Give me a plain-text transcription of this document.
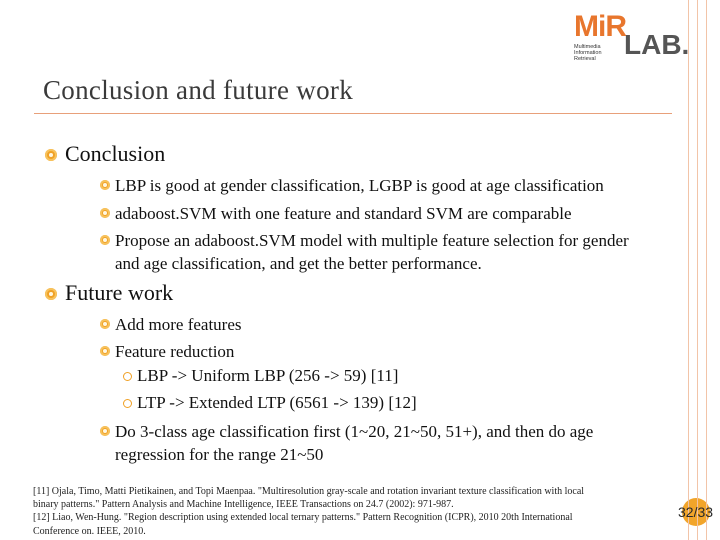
MiR
LAB.
Multimedia
Information
Retrieval
Conclusion and future work
Conclusion
LBP is good at gender classification, LGBP is good at age classification
adaboost.SVM with one feature and standard SVM are comparable
Propose an adaboost.SVM model with multiple feature selection for gender
and age classification, and get the better performance.
Future work
Add more features
Feature reduction
LBP -> Uniform LBP (256 -> 59) [11]
LTP -> Extended LTP (6561 -> 139) [12]
Do 3-class age classification first (1~20, 21~50, 51+), and then do age
regression for the range 21~50
[11] Ojala, Timo, Matti Pietikainen, and Topi Maenpaa. "Multiresolution gray-scale and rotation invariant texture classification with local
binary patterns." Pattern Analysis and Machine Intelligence, IEEE Transactions on 24.7 (2002): 971-987.
[12] Liao, Wen-Hung. "Region description using extended local ternary patterns." Pattern Recognition (ICPR), 2010 20th International
Conference on. IEEE, 2010.
32/33
